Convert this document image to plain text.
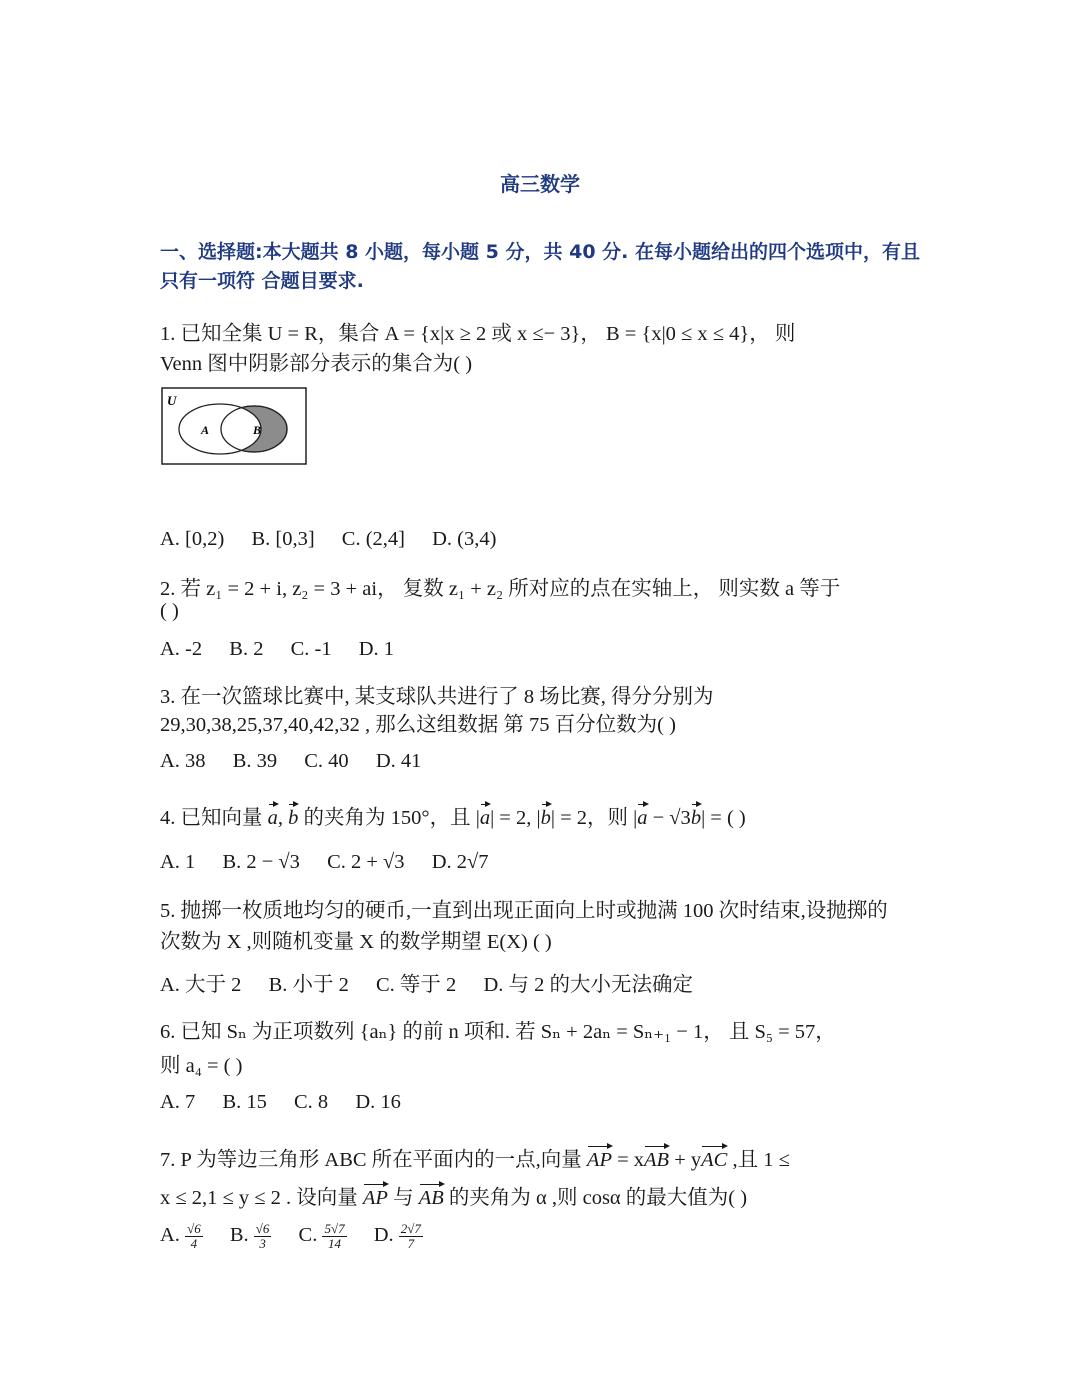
高三数学
一、选择题:本大题共 8 小题，每小题 5 分，共 40 分. 在每小题给出的四个选项中，有且只有一项符 合题目要求.
1. 已知全集 U = R，集合 A = {x|x ≥ 2 或 x ≤− 3}， B = {x|0 ≤ x ≤ 4}， 则
Venn 图中阴影部分表示的集合为( )
U
A	B
A. [0,2) B. [0,3] C. (2,4] D. (3,4)
2. 若 z₁ = 2 + i, z₂ = 3 + ai， 复数 z₁ + z₂ 所对应的点在实轴上， 则实数 a 等于
( )
A. -2 B. 2 C. -1 D. 1
3. 在一次篮球比赛中, 某支球队共进行了 8 场比赛, 得分分别为
29,30,38,25,37,40,42,32 , 那么这组数据 第 75 百分位数为( )
A. 38 B. 39 C. 40 D. 41
4. 已知向量 a, b 的夹角为 150°，且 |a| = 2, |b| = 2，则 |a − √3b| = ( )
A. 1 B. 2 − √3 C. 2 + √3 D. 2√7
5. 抛掷一枚质地均匀的硬币,一直到出现正面向上时或抛满 100 次时结束,设抛掷的
次数为 X ,则随机变量 X 的数学期望 E(X) ( )
A. 大于 2 B. 小于 2 C. 等于 2 D. 与 2 的大小无法确定
6. 已知 Sₙ 为正项数列 {aₙ} 的前 n 项和. 若 Sₙ + 2aₙ = Sₙ₊₁ − 1， 且 S₅ = 57，
则 a₄ = ( )
A. 7 B. 15 C. 8 D. 16
7. P 为等边三角形 ABC 所在平面内的一点,向量 AP = xAB + yAC ,且 1 ≤
x ≤ 2,1 ≤ y ≤ 2 . 设向量 AP 与 AB 的夹角为 α ,则 cosα 的最大值为( )
A. $\frac{√6}{4} B$. $\frac{√6}{3} C$. $\frac{5√7}{14} D$. $\frac{2√7}{7}$
